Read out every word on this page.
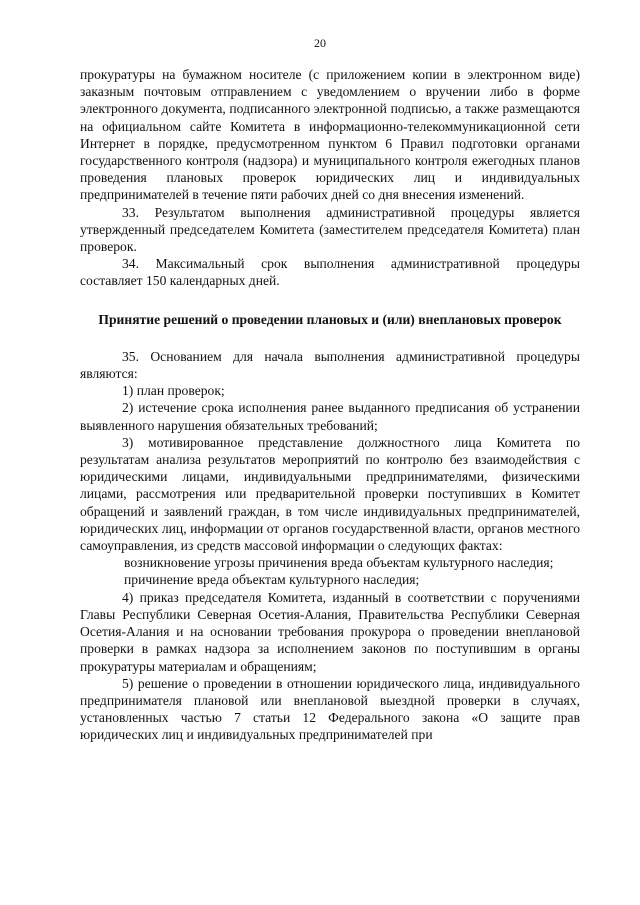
20

прокуратуры на бумажном носителе (с приложением копии в электронном виде) заказным почтовым отправлением с уведомлением о вручении либо в форме электронного документа, подписанного электронной подписью, а также размещаются на официальном сайте Комитета в информационно-телекоммуникационной сети Интернет в порядке, предусмотренном пунктом 6 Правил подготовки органами государственного контроля (надзора) и муниципального контроля ежегодных планов проведения плановых проверок юридических лиц и индивидуальных предпринимателей в течение пяти рабочих дней со дня внесения изменений.

33. Результатом выполнения административной процедуры является утвержденный председателем Комитета (заместителем председателя Комитета) план проверок.

34. Максимальный срок выполнения административной процедуры составляет 150 календарных дней.

Принятие решений о проведении плановых и (или) внеплановых проверок

35. Основанием для начала выполнения административной процедуры являются:

1) план проверок;

2) истечение срока исполнения ранее выданного предписания об устранении выявленного нарушения обязательных требований;

3) мотивированное представление должностного лица Комитета по результатам анализа результатов мероприятий по контролю без взаимодействия с юридическими лицами, индивидуальными предпринимателями, физическими лицами, рассмотрения или предварительной проверки поступивших в Комитет обращений и заявлений граждан, в том числе индивидуальных предпринимателей, юридических лиц, информации от органов государственной власти, органов местного самоуправления, из средств массовой информации о следующих фактах:

возникновение угрозы причинения вреда объектам культурного наследия;

причинение вреда объектам культурного наследия;

4) приказ председателя Комитета, изданный в соответствии с поручениями Главы Республики Северная Осетия-Алания, Правительства Республики Северная Осетия-Алания и на основании требования прокурора о проведении внеплановой проверки в рамках надзора за исполнением законов по поступившим в органы прокуратуры материалам и обращениям;

5) решение о проведении в отношении юридического лица, индивидуального предпринимателя плановой или внеплановой выездной проверки в случаях, установленных частью 7 статьи 12 Федерального закона «О защите прав юридических лиц и индивидуальных предпринимателей при
